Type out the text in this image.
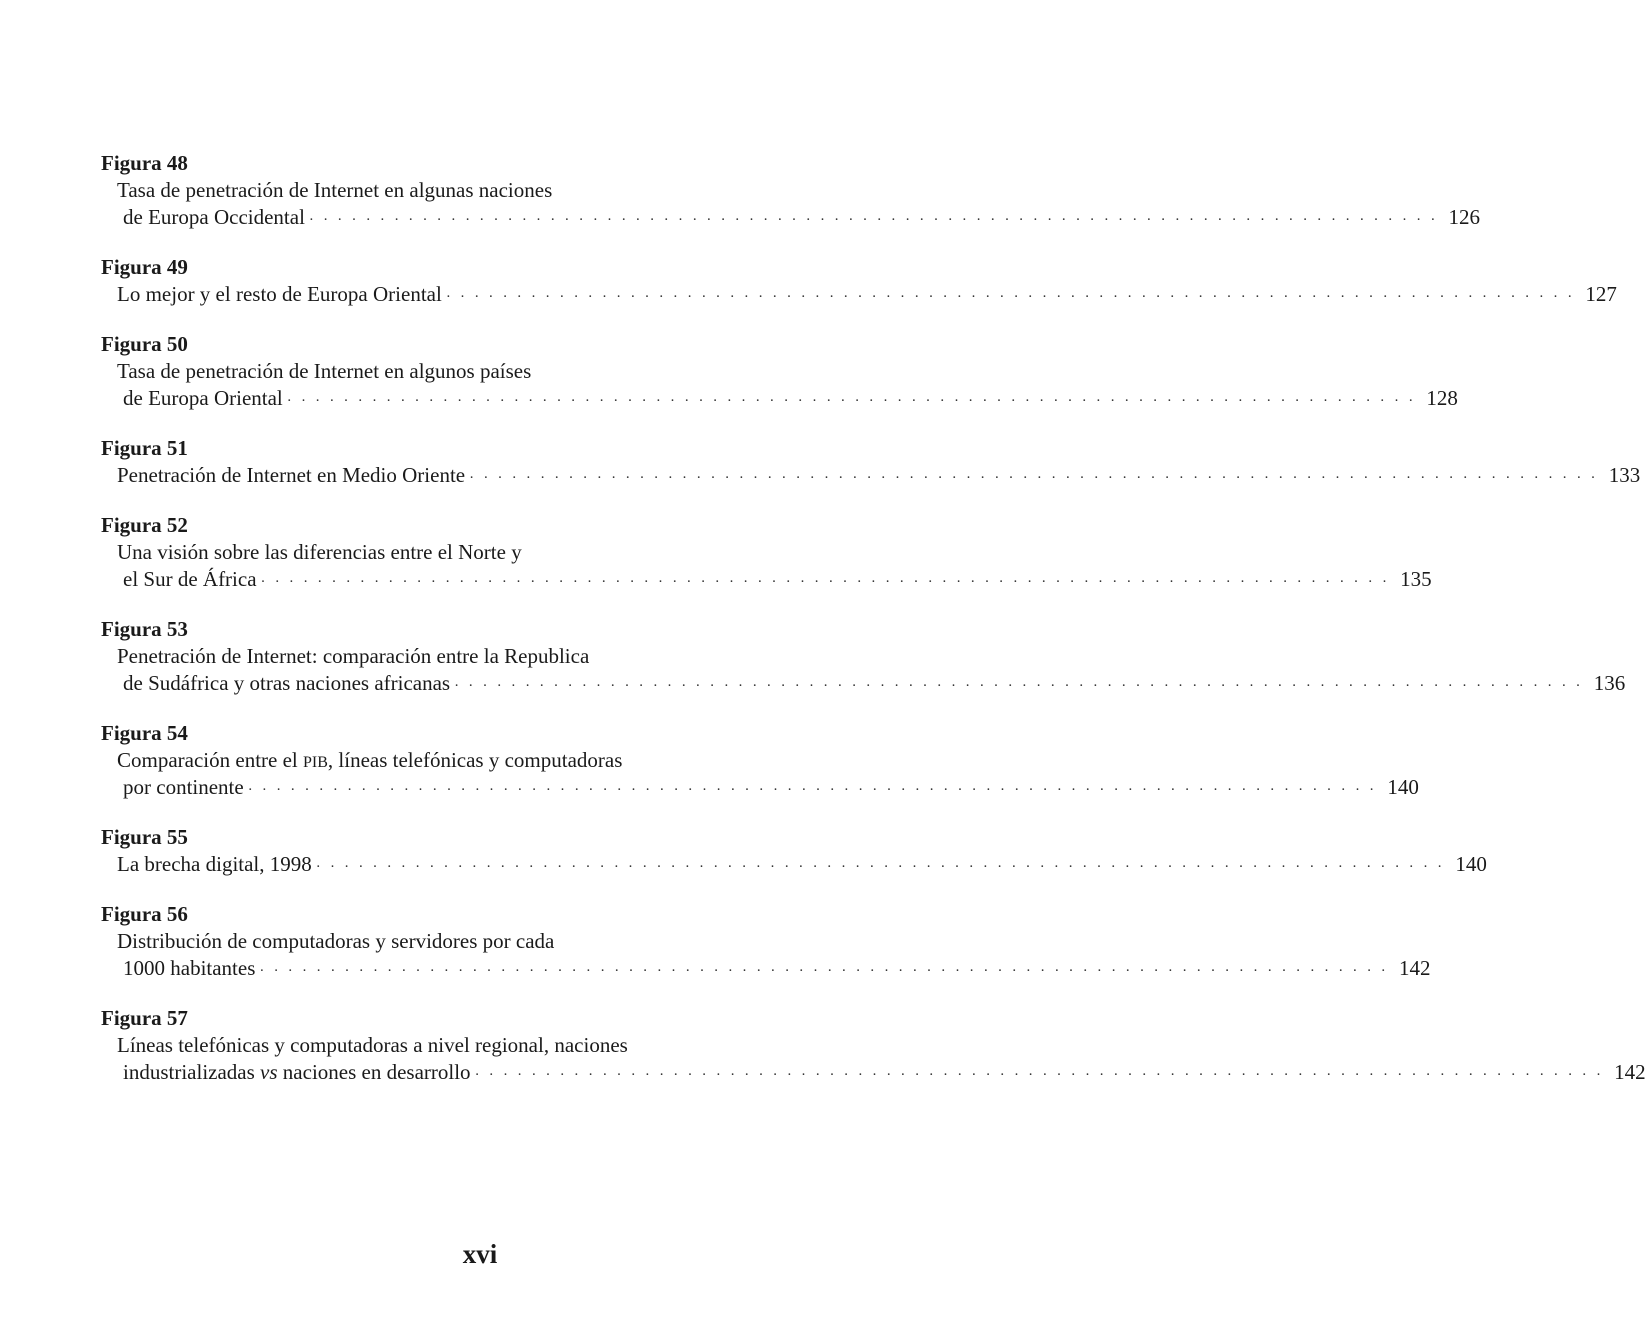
Figura 48
Tasa de penetración de Internet en algunas naciones
de Europa Occidental ················································································ 126
Figura 49
Lo mejor y el resto de Europa Oriental ················································································ 127
Figura 50
Tasa de penetración de Internet en algunos países
de Europa Oriental ················································································ 128
Figura 51
Penetración de Internet en Medio Oriente ················································································ 133
Figura 52
Una visión sobre las diferencias entre el Norte y
el Sur de África ················································································ 135
Figura 53
Penetración de Internet: comparación entre la Republica
de Sudáfrica y otras naciones africanas ················································································ 136
Figura 54
Comparación entre el PIB, líneas telefónicas y computadoras
por continente ················································································ 140
Figura 55
La brecha digital, 1998 ················································································ 140
Figura 56
Distribución de computadoras y servidores por cada
1000 habitantes ················································································ 142
Figura 57
Líneas telefónicas y computadoras a nivel regional, naciones
industrializadas vs naciones en desarrollo ················································································ 142
xvi
